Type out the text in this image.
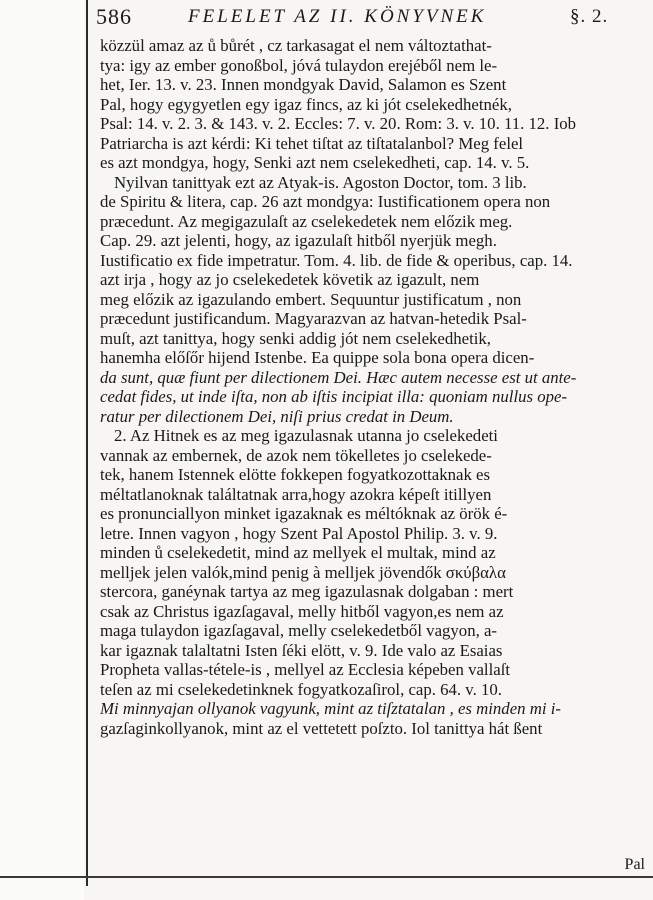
586	FELELET AZ II. KÖNYVNEK	§. 2.
közzül amaz az ů bůrét , cz tarkasagat el nem változtathat-
tya: igy az ember gonoßbol, jóvá tulaydon erejéből nem le-
het, Ier. 13. v. 23. Innen mondgyak David, Salamon es Szent
Pal, hogy egygyetlen egy igaz fincs, az ki jót cselekedhetnék,
Psal: 14. v. 2. 3. & 143. v. 2. Eccles: 7. v. 20. Rom: 3. v. 10. 11. 12. Iob
Patriarcha is azt kérdi: Ki tehet tiſtat az tiſtatalanbol? Meg felel
es azt mondgya, hogy, Senki azt nem cselekedheti, cap. 14. v. 5.
Nyilvan tanittyak ezt az Atyak-is. Agoston Doctor, tom. 3 lib.
de Spiritu & litera, cap. 26 azt mondgya: Iustificationem opera non
præcedunt. Az megigazulaſt az cselekedetek nem előzik meg.
Cap. 29. azt jelenti, hogy, az igazulaſt hitből nyerjük megh.
Iustificatio ex fide impetratur. Tom. 4. lib. de fide & operibus, cap. 14.
azt irja , hogy az jo cselekedetek követik az igazult, nem
meg előzik az igazulando embert. Sequuntur justificatum , non
præcedunt justificandum. Magyarazvan az hatvan-hetedik Psal-
muſt, azt tanittya, hogy senki addig jót nem cselekedhetik,
hanemha előſőr hijend Istenbe. Ea quippe sola bona opera dicen-
da sunt, quæ fiunt per dilectionem Dei. Hæc autem necesse est ut ante-
cedat fides, ut inde iſta, non ab iſtis incipiat illa: quoniam nullus ope-
ratur per dilectionem Dei, niſi prius credat in Deum.
2. Az Hitnek es az meg igazulasnak utanna jo cselekedeti
vannak az embernek, de azok nem tökelletes jo cselekede-
tek, hanem Istennek elötte fokkepen fogyatkozottaknak es
méltatlanoknak találtatnak arra,hogy azokra képeſt itillyen
es pronunciallyon minket igazaknak es méltóknak az örök é-
letre. Innen vagyon , hogy Szent Pal Apostol Philip. 3. v. 9.
minden ů cselekedetit, mind az mellyek el multak, mind az
melljek jelen valók,mind penig à melljek jövendők σκύβαλα
stercora, ganéynak tartya az meg igazulasnak dolgaban : mert
csak az Christus igazſagaval, melly hitből vagyon,es nem az
maga tulaydon igazſagaval, melly cselekedetből vagyon, a-
kar igaznak talaltatni Isten ſéki elött, v. 9. Ide valo az Esaias
Propheta vallas-tétele-is , mellyel az Ecclesia képeben vallaſt
teſen az mi cselekedetinknek fogyatkozaſirol, cap. 64. v. 10.
Mi minnyajan ollyanok vagyunk, mint az tiſztatalan , es minden mi i-
gazſaginkollyanok, mint az el vettetett poſzto. Iol tanittya hát ßent
Pal
